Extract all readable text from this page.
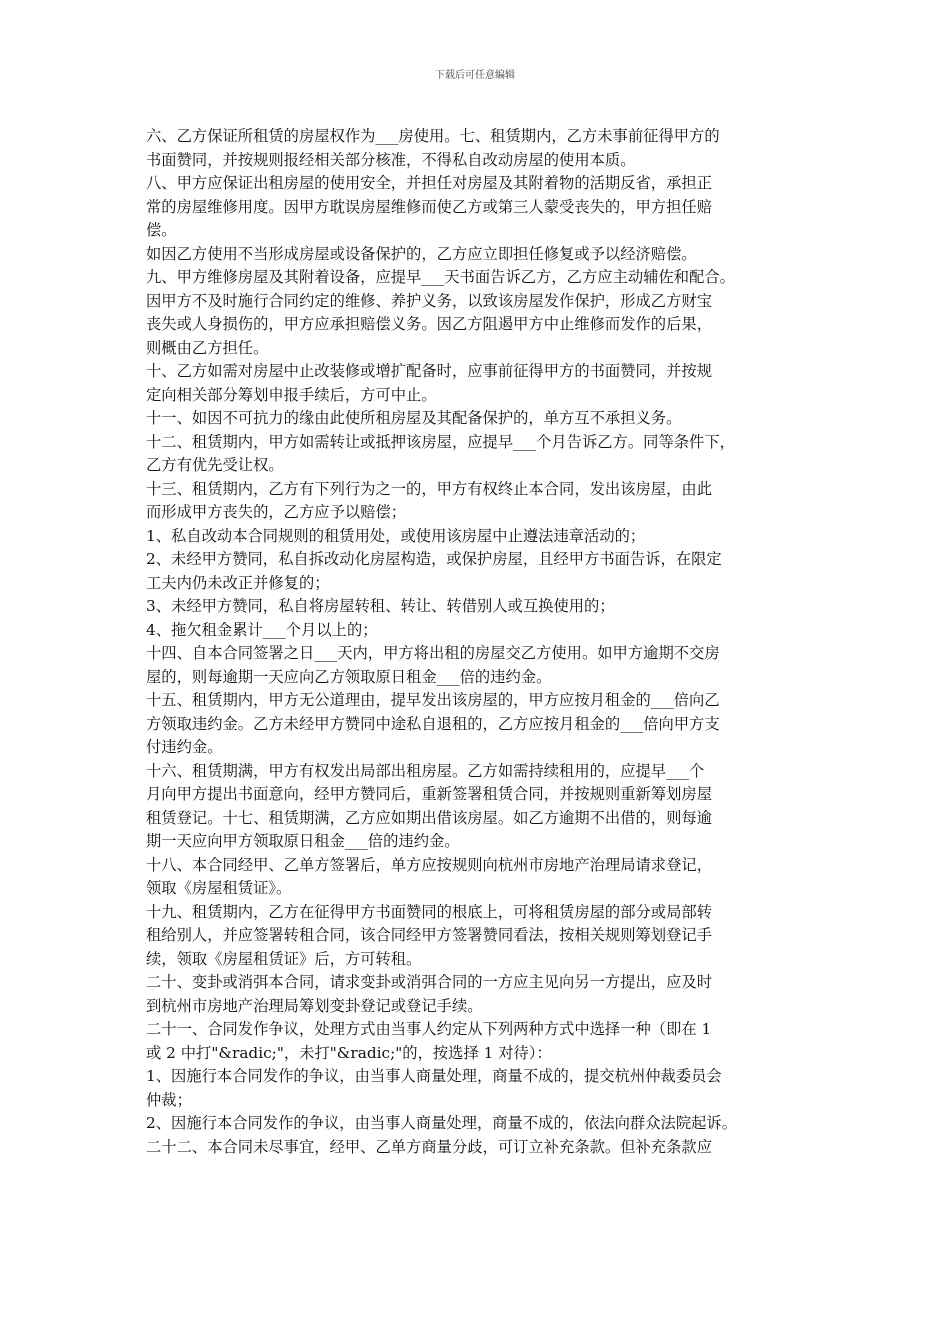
下载后可任意编辑
六、乙方保证所租赁的房屋权作为___房使用。七、租赁期内，乙方未事前征得甲方的
书面赞同，并按规则报经相关部分核准，不得私自改动房屋的使用本质。
八、甲方应保证出租房屋的使用安全，并担任对房屋及其附着物的活期反省，承担正
常的房屋维修用度。因甲方耽误房屋维修而使乙方或第三人蒙受丧失的，甲方担任赔
偿。
如因乙方使用不当形成房屋或设备保护的，乙方应立即担任修复或予以经济赔偿。
九、甲方维修房屋及其附着设备，应提早___天书面告诉乙方，乙方应主动辅佐和配合。
因甲方不及时施行合同约定的维修、养护义务，以致该房屋发作保护，形成乙方财宝
丧失或人身损伤的，甲方应承担赔偿义务。因乙方阻遏甲方中止维修而发作的后果，
则概由乙方担任。
十、乙方如需对房屋中止改装修或增扩配备时，应事前征得甲方的书面赞同，并按规
定向相关部分筹划申报手续后，方可中止。
十一、如因不可抗力的缘由此使所租房屋及其配备保护的，单方互不承担义务。
十二、租赁期内，甲方如需转让或抵押该房屋，应提早___个月告诉乙方。同等条件下，
乙方有优先受让权。
十三、租赁期内，乙方有下列行为之一的，甲方有权终止本合同，发出该房屋，由此
而形成甲方丧失的，乙方应予以赔偿；
1、私自改动本合同规则的租赁用处，或使用该房屋中止遵法违章活动的；
2、未经甲方赞同，私自拆改动化房屋构造，或保护房屋，且经甲方书面告诉，在限定
工夫内仍未改正并修复的；
3、未经甲方赞同，私自将房屋转租、转让、转借别人或互换使用的；
4、拖欠租金累计___个月以上的；
十四、自本合同签署之日___天内，甲方将出租的房屋交乙方使用。如甲方逾期不交房
屋的，则每逾期一天应向乙方领取原日租金___倍的违约金。
十五、租赁期内，甲方无公道理由，提早发出该房屋的，甲方应按月租金的___倍向乙
方领取违约金。乙方未经甲方赞同中途私自退租的，乙方应按月租金的___倍向甲方支
付违约金。
十六、租赁期满，甲方有权发出局部出租房屋。乙方如需持续租用的，应提早___个
月向甲方提出书面意向，经甲方赞同后，重新签署租赁合同，并按规则重新筹划房屋
租赁登记。十七、租赁期满，乙方应如期出借该房屋。如乙方逾期不出借的，则每逾
期一天应向甲方领取原日租金___倍的违约金。
十八、本合同经甲、乙单方签署后，单方应按规则向杭州市房地产治理局请求登记，
领取《房屋租赁证》。
十九、租赁期内，乙方在征得甲方书面赞同的根底上，可将租赁房屋的部分或局部转
租给别人，并应签署转租合同，该合同经甲方签署赞同看法，按相关规则筹划登记手
续，领取《房屋租赁证》后，方可转租。
二十、变卦或消弭本合同，请求变卦或消弭合同的一方应主见向另一方提出，应及时
到杭州市房地产治理局筹划变卦登记或登记手续。
二十一、合同发作争议，处理方式由当事人约定从下列两种方式中选择一种（即在 1
或 2 中打"&radic;"，未打"&radic;"的，按选择 1 对待）：
1、因施行本合同发作的争议，由当事人商量处理，商量不成的，提交杭州仲裁委员会
仲裁；
2、因施行本合同发作的争议，由当事人商量处理，商量不成的，依法向群众法院起诉。
二十二、本合同未尽事宜，经甲、乙单方商量分歧，可订立补充条款。但补充条款应
